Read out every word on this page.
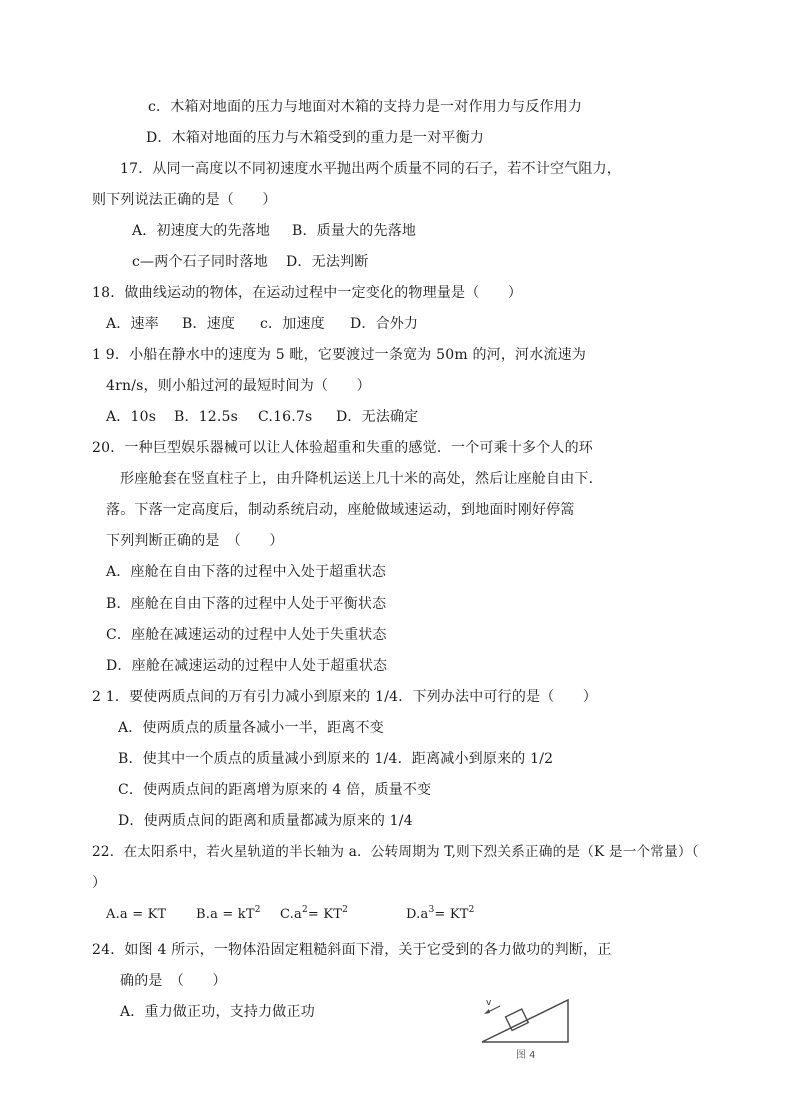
c．木箱对地面的压力与地面对木箱的支持力是一对作用力与反作用力
D．木箱对地面的压力与木箱受到的重力是一对平衡力
17．从同一高度以不同初速度水平抛出两个质量不同的石子，若不计空气阻力，
则下列说法正确的是（　　）
A．初速度大的先落地 B．质量大的先落地
c—两个石子同时落地 D．无法判断
18．做曲线运动的物体，在运动过程中一定变化的物理量是（　　）
A．速率 B．速度 c．加速度 D．合外力
1 9．小船在静水中的速度为 5 毗，它要渡过一条宽为 50m 的河，河水流速为
4rn/s，则小船过河的最短时间为（　　）
A．10s B．12.5s C.16.7s D．无法确定
20．一种巨型娱乐器械可以让人体验超重和失重的感觉．一个可乘十多个人的环
形座舱套在竖直柱子上，由升降机运送上几十米的高处，然后让座舱自由下．
落。下落一定高度后，制动系统启动，座舱做域速运动，到地面时刚好停篙
下列判断正确的是　（　　）
A．座舱在自由下落的过程中入处于超重状态
B．座舱在自由下落的过程中人处于平衡状态
C．座舱在减速运动的过程中人处于失重状态
D．座舱在减速运动的过程中人处于超重状态
2 1．要使两质点间的万有引力减小到原来的 1/4．下列办法中可行的是（　　）
A．使两质点的质量各减小一半，距离不变
B．使其中一个质点的质量减小到原来的 1/4．距离减小到原来的 1/2
C．使两质点间的距离增为原来的 4 倍，质量不变
D．使两质点间的距离和质量都减为原来的 1/4
22．在太阳系中，若火星轨道的半长轴为 a．公转周期为 T,则下烈关系正确的是（K 是一个常量）（
）
A.a = KT $B.a = kT^2$ $C.a^2= KT^2$	$D.a^3= KT^2$
24．如图 4 所示，一物体沿固定粗糙斜面下滑，关于它受到的各力做功的判断，正
确的是　（　　）
A．重力做正功，支持力做正功
v
图 4
